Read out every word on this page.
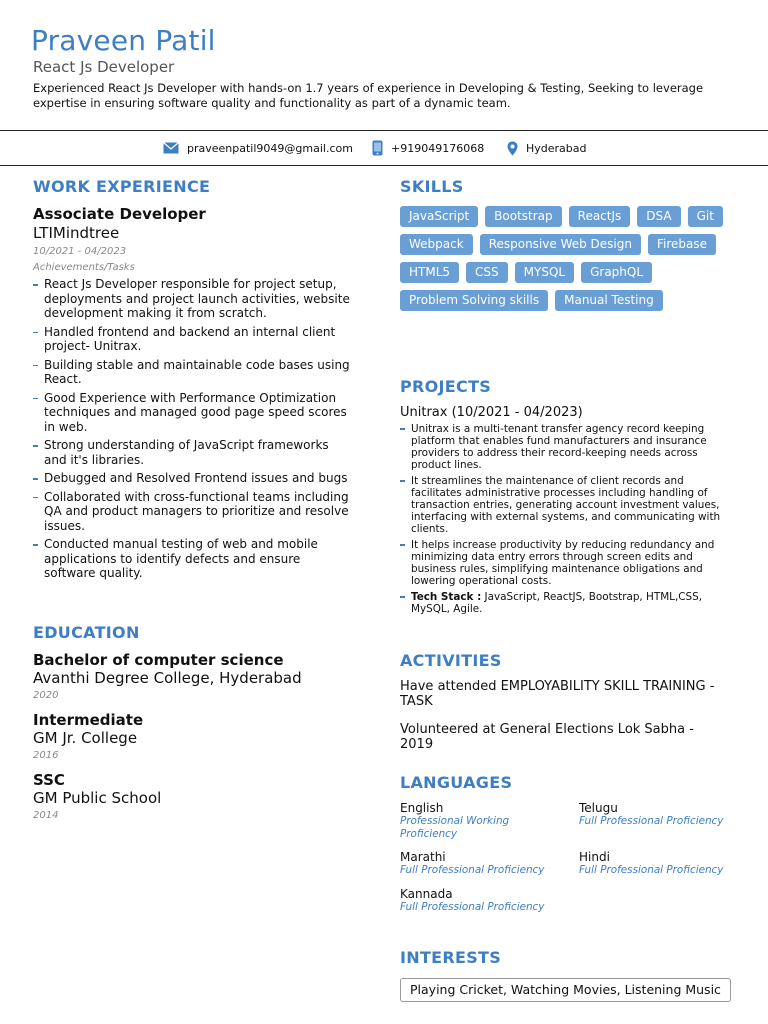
Praveen Patil
React Js Developer
Experienced React Js Developer with hands-on 1.7 years of experience in Developing & Testing, Seeking to leverage expertise in ensuring software quality and functionality as part of a dynamic team.
praveenpatil9049@gmail.com	+919049176068	Hyderabad
WORK EXPERIENCE
Associate Developer
LTIMindtree
10/2021 - 04/2023
Achievements/Tasks
React Js Developer responsible for project setup, deployments and project launch activities, website development making it from scratch.
Handled frontend and backend an internal client project- Unitrax.
Building stable and maintainable code bases using React.
Good Experience with Performance Optimization techniques and managed good page speed scores in web.
Strong understanding of JavaScript frameworks and it's libraries.
Debugged and Resolved Frontend issues and bugs
Collaborated with cross-functional teams including QA and product managers to prioritize and resolve issues.
Conducted manual testing of web and mobile applications to identify defects and ensure software quality.
EDUCATION
Bachelor of computer science
Avanthi Degree College, Hyderabad
2020
Intermediate
GM Jr. College
2016
SSC
GM Public School
2014
SKILLS
JavaScript	Bootstrap	ReactJs	DSA	Git
Webpack	Responsive Web Design	Firebase
HTML5	CSS	MYSQL	GraphQL
Problem Solving skills	Manual Testing
PROJECTS
Unitrax (10/2021 - 04/2023)
Unitrax is a multi-tenant transfer agency record keeping platform that enables fund manufacturers and insurance providers to address their record-keeping needs across product lines.
It streamlines the maintenance of client records and facilitates administrative processes including handling of transaction entries, generating account investment values, interfacing with external systems, and communicating with clients.
It helps increase productivity by reducing redundancy and minimizing data entry errors through screen edits and business rules, simplifying maintenance obligations and lowering operational costs.
Tech Stack : JavaScript, ReactJS, Bootstrap, HTML,CSS, MySQL, Agile.
ACTIVITIES
Have attended EMPLOYABILITY SKILL TRAINING - TASK
Volunteered at General Elections Lok Sabha - 2019
LANGUAGES
English
Professional Working Proficiency
Telugu
Full Professional Proficiency
Marathi
Full Professional Proficiency
Hindi
Full Professional Proficiency
Kannada
Full Professional Proficiency
INTERESTS
Playing Cricket, Watching Movies, Listening Music
